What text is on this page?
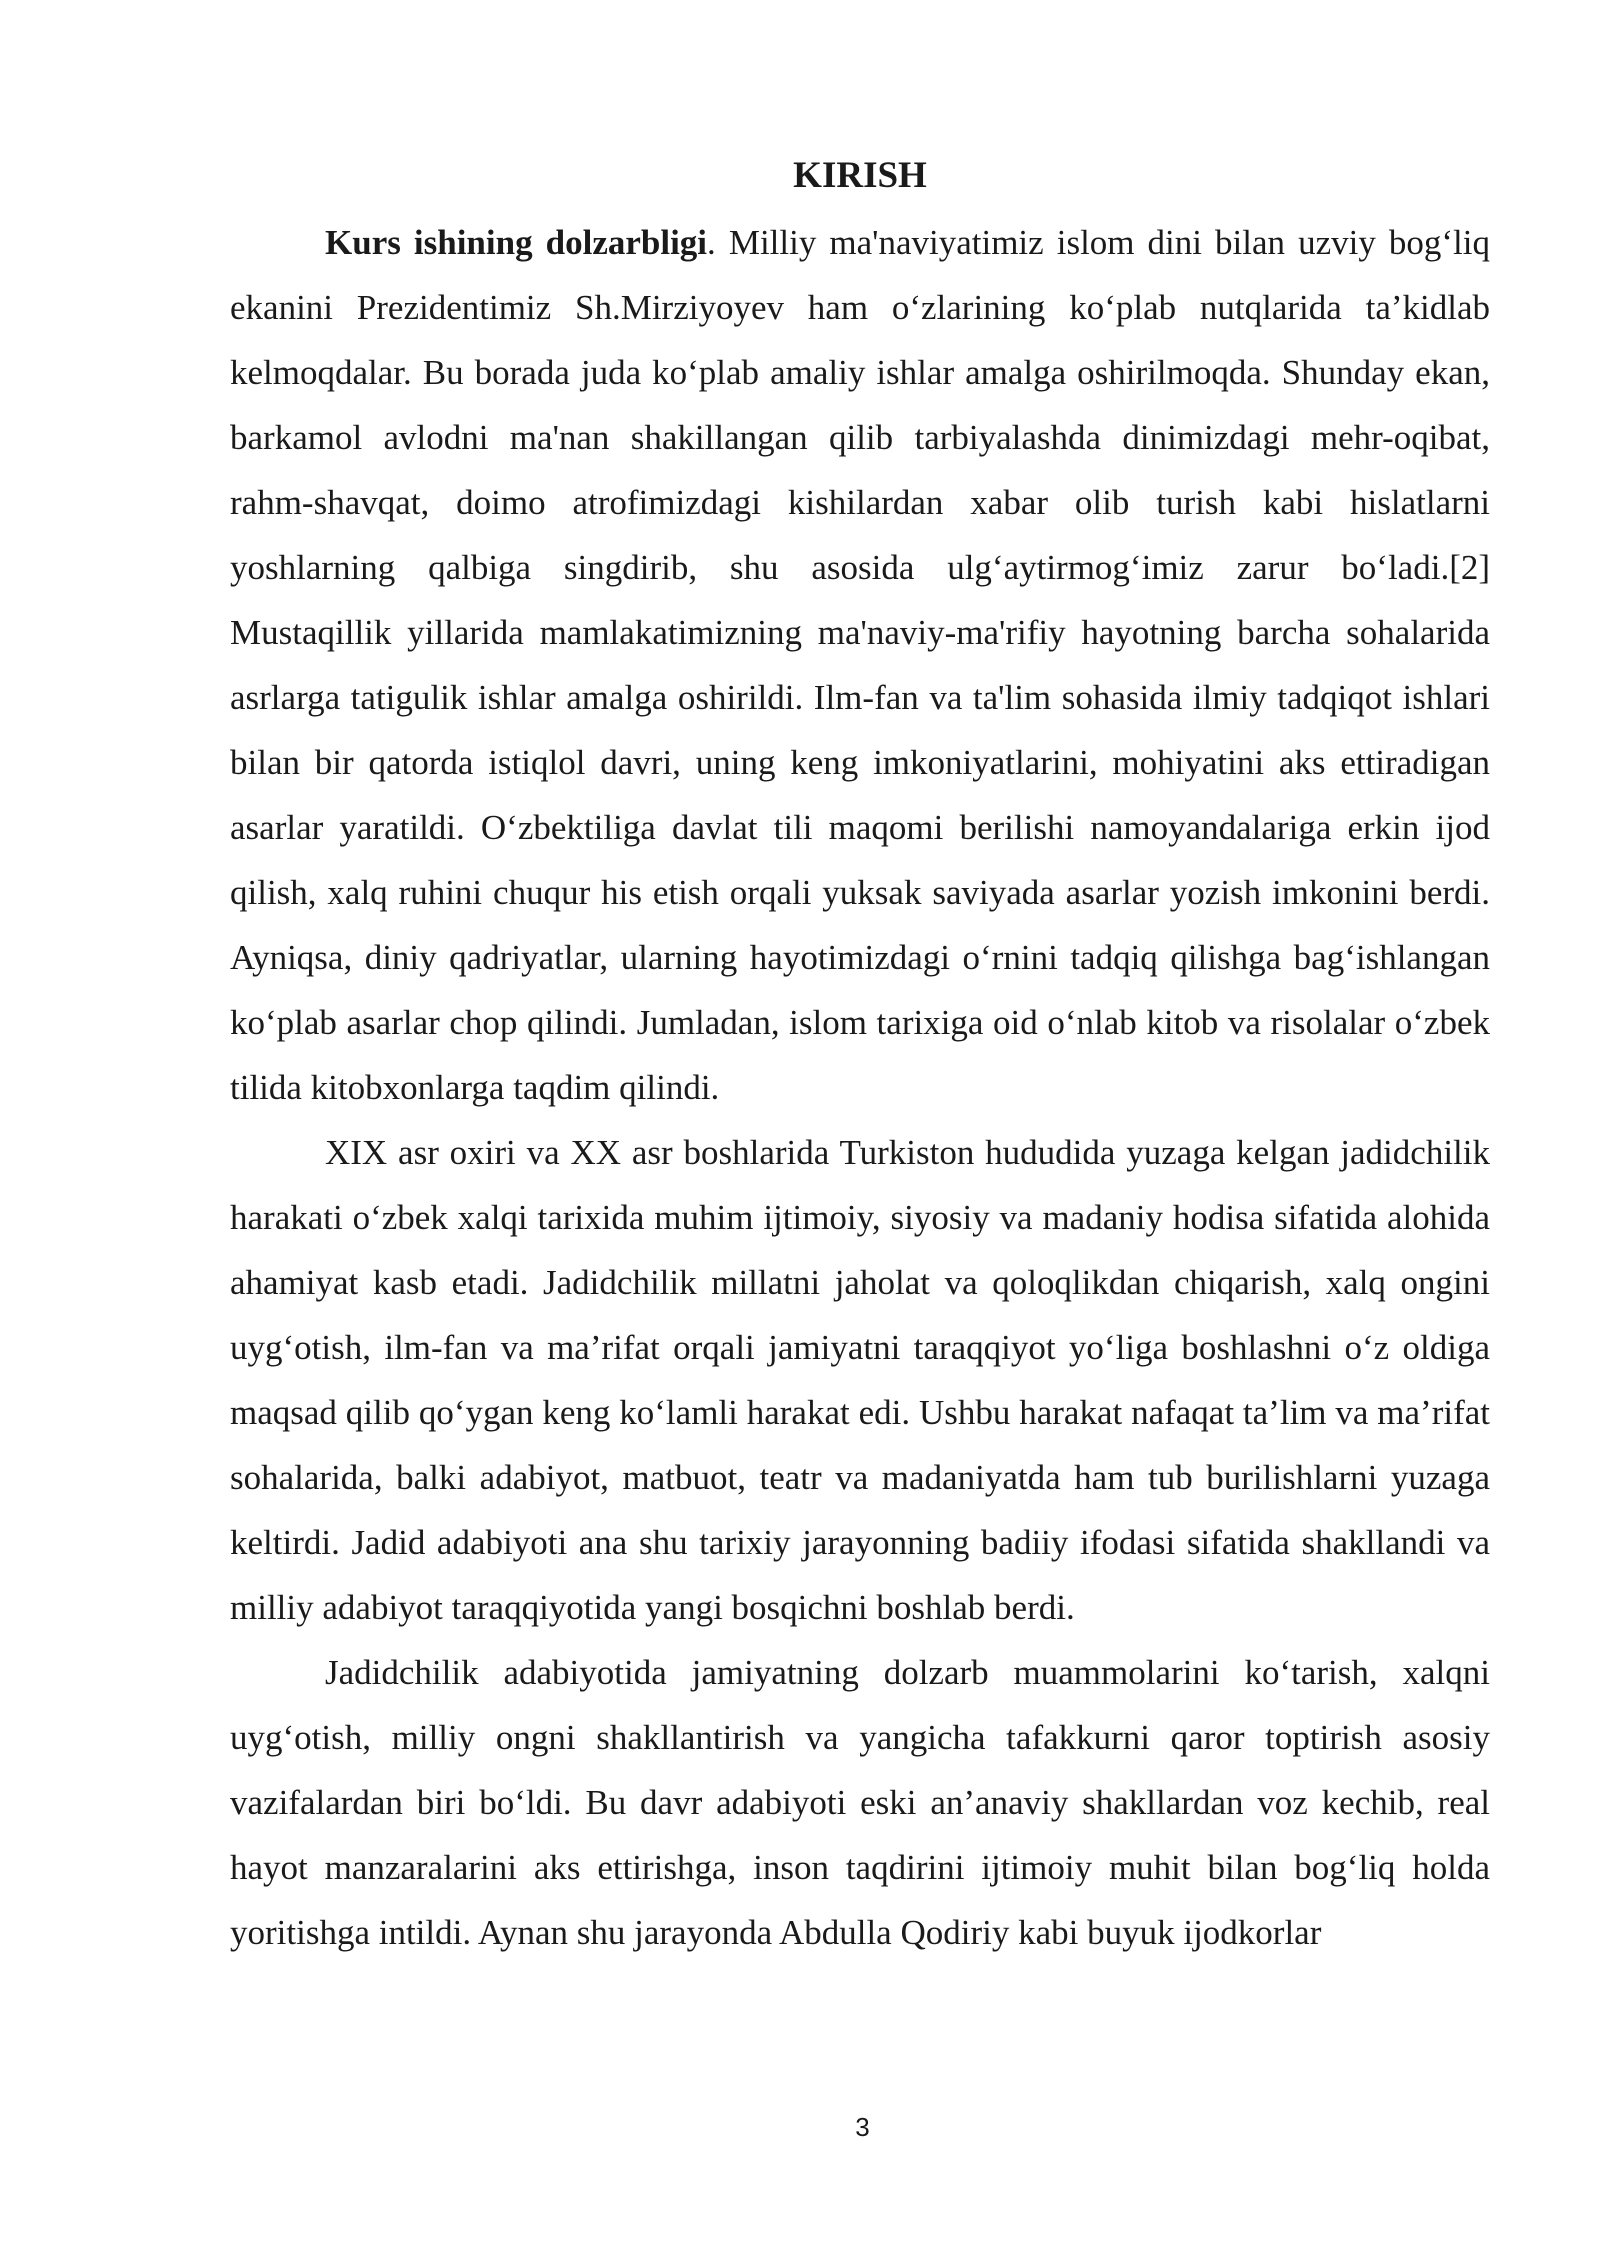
KIRISH

Kurs ishining dolzarbligi. Milliy ma'naviyatimiz islom dini bilan uzviy bog‘liq ekanini Prezidentimiz Sh.Mirziyoyev ham o‘zlarining ko‘plab nutqlarida ta’kidlab kelmoqdalar. Bu borada juda ko‘plab amaliy ishlar amalga oshirilmoqda. Shunday ekan, barkamol avlodni ma'nan shakillangan qilib tarbiyalashda dinimizdagi mehr-oqibat, rahm-shavqat, doimo atrofimizdagi kishilardan xabar olib turish kabi hislatlarni yoshlarning qalbiga singdirib, shu asosida ulg‘aytirmog‘imiz zarur bo‘ladi.[2] Mustaqillik yillarida mamlakatimizning ma'naviy-ma'rifiy hayotning barcha sohalarida asrlarga tatigulik ishlar amalga oshirildi. Ilm-fan va ta'lim sohasida ilmiy tadqiqot ishlari bilan bir qatorda istiqlol davri, uning keng imkoniyatlarini, mohiyatini aks ettiradigan asarlar yaratildi. O‘zbektiliga davlat tili maqomi berilishi namoyandalariga erkin ijod qilish, xalq ruhini chuqur his etish orqali yuksak saviyada asarlar yozish imkonini berdi. Ayniqsa, diniy qadriyatlar, ularning hayotimizdagi o‘rnini tadqiq qilishga bag‘ishlangan ko‘plab asarlar chop qilindi. Jumladan, islom tarixiga oid o‘nlab kitob va risolalar o‘zbek tilida kitobxonlarga taqdim qilindi.

XIX asr oxiri va XX asr boshlarida Turkiston hududida yuzaga kelgan jadidchilik harakati o‘zbek xalqi tarixida muhim ijtimoiy, siyosiy va madaniy hodisa sifatida alohida ahamiyat kasb etadi. Jadidchilik millatni jaholat va qoloqlikdan chiqarish, xalq ongini uyg‘otish, ilm-fan va ma’rifat orqali jamiyatni taraqqiyot yo‘liga boshlashni o‘z oldiga maqsad qilib qo‘ygan keng ko‘lamli harakat edi. Ushbu harakat nafaqat ta’lim va ma’rifat sohalarida, balki adabiyot, matbuot, teatr va madaniyatda ham tub burilishlarni yuzaga keltirdi. Jadid adabiyoti ana shu tarixiy jarayonning badiiy ifodasi sifatida shakllandi va milliy adabiyot taraqqiyotida yangi bosqichni boshlab berdi.

Jadidchilik adabiyotida jamiyatning dolzarb muammolarini ko‘tarish, xalqni uyg‘otish, milliy ongni shakllantirish va yangicha tafakkurni qaror toptirish asosiy vazifalardan biri bo‘ldi. Bu davr adabiyoti eski an’anaviy shakllardan voz kechib, real hayot manzaralarini aks ettirishga, inson taqdirini ijtimoiy muhit bilan bog‘liq holda yoritishga intildi. Aynan shu jarayonda Abdulla Qodiriy kabi buyuk ijodkorlar

3
